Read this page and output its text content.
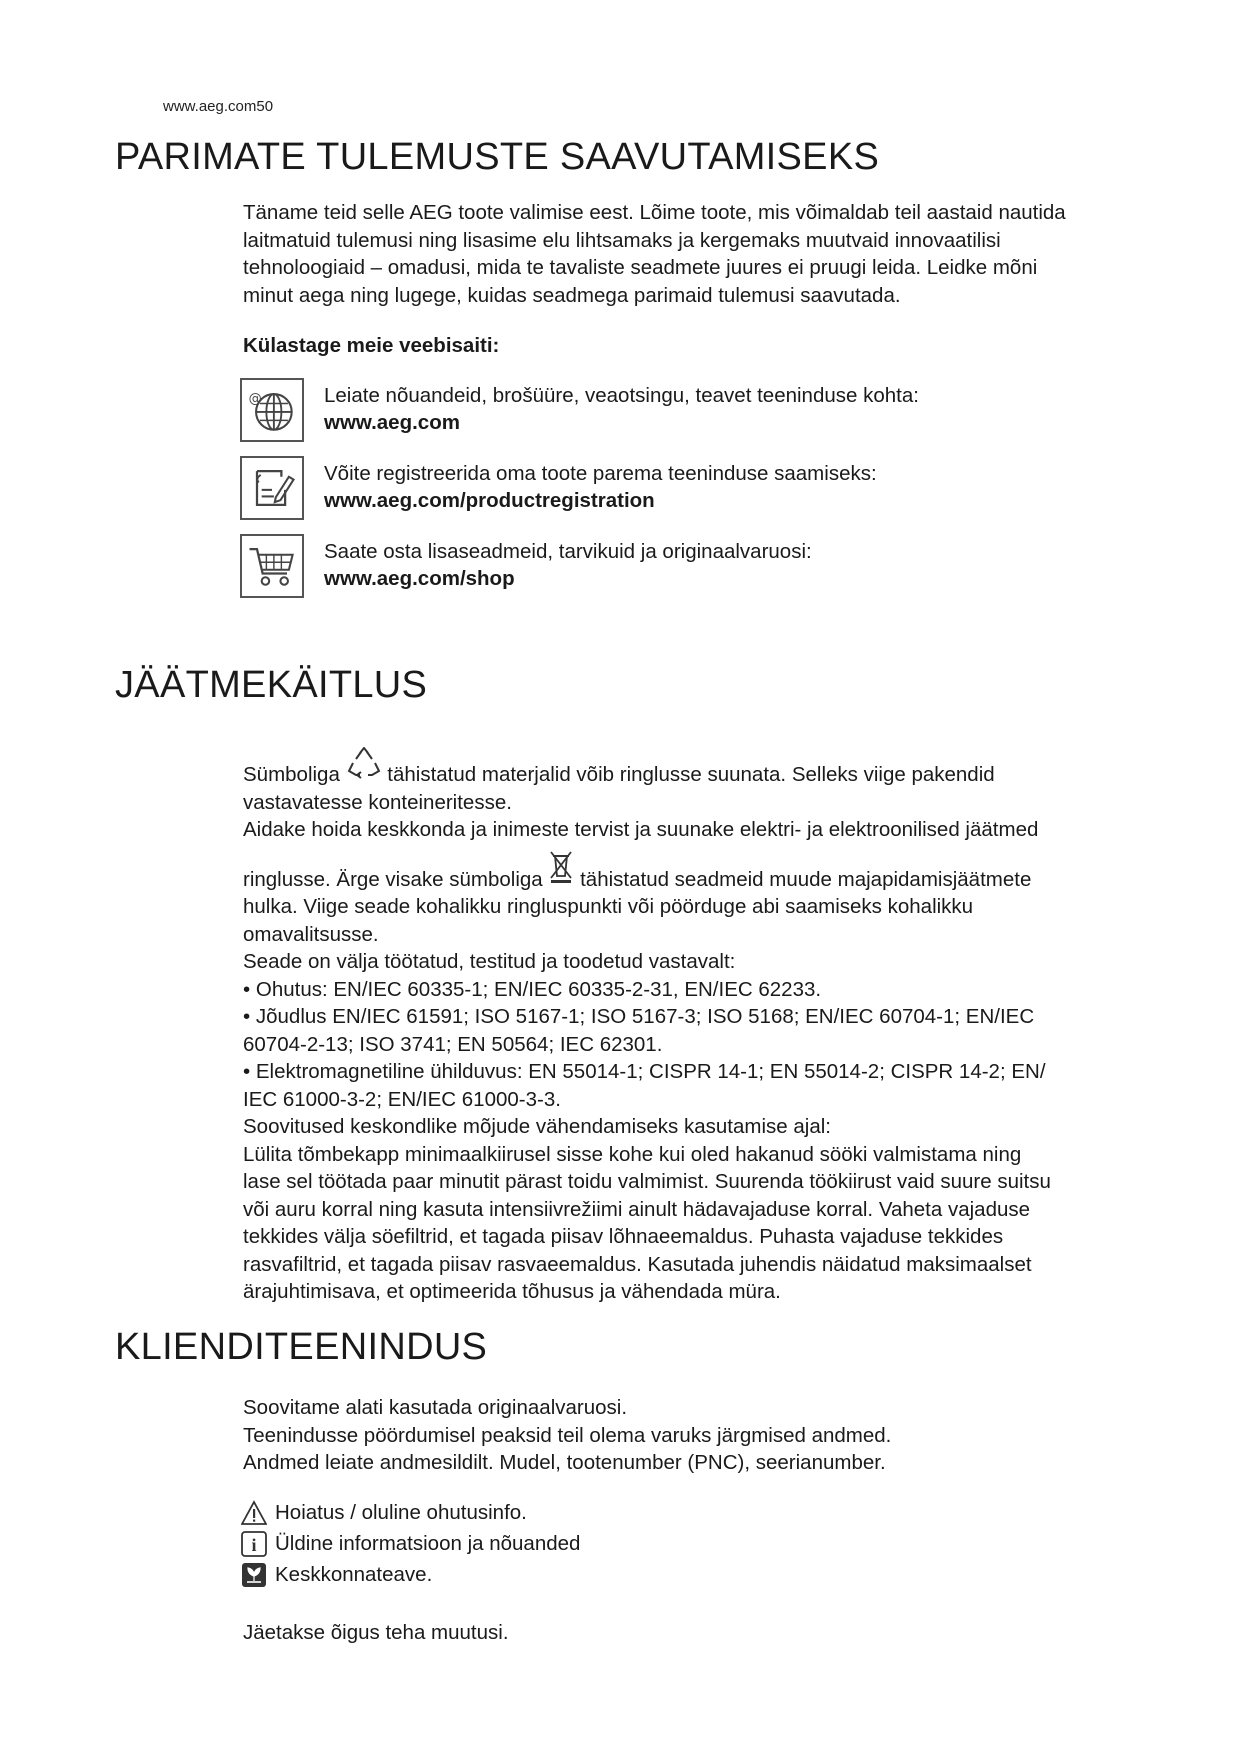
www.aeg.com50
PARIMATE TULEMUSTE SAAVUTAMISEKS
Täname teid selle AEG toote valimise eest. Lõime toote, mis võimaldab teil aastaid nautida
laitmatuid tulemusi ning lisasime elu lihtsamaks ja kergemaks muutvaid innovaatilisi
tehnoloogiaid – omadusi, mida te tavaliste seadmete juures ei pruugi leida. Leidke mõni
minut aega ning lugege, kuidas seadmega parimaid tulemusi saavutada.
Külastage meie veebisaiti:
@	Leiate nõuandeid, brošüüre, veaotsingu, teavet teeninduse kohta:
www.aeg.com
Võite registreerida oma toote parema teeninduse saamiseks:
www.aeg.com/productregistration
Saate osta lisaseadmeid, tarvikuid ja originaalvaruosi:
www.aeg.com/shop
JÄÄTMEKÄITLUS

Sümboliga tähistatud materjalid võib ringlusse suunata. Selleks viige pakendid

vastavatesse konteineritesse.

Aidake hoida keskkonda ja inimeste tervist ja suunake elektri- ja elektroonilised jäätmed

ringlusse. Ärge visake sümboliga tähistatud seadmeid muude majapidamisjäätmete

hulka. Viige seade kohalikku ringluspunkti või pöörduge abi saamiseks kohalikku

omavalitsusse.

Seade on välja töötatud, testitud ja toodetud vastavalt:

• Ohutus: EN/IEC 60335-1; EN/IEC 60335-2-31, EN/IEC 62233.

• Jõudlus EN/IEC 61591; ISO 5167-1; ISO 5167-3; ISO 5168; EN/IEC 60704-1; EN/IEC

60704-2-13; ISO 3741; EN 50564; IEC 62301.

• Elektromagnetiline ühilduvus: EN 55014-1; CISPR 14-1; EN 55014-2; CISPR 14-2; EN/

IEC 61000-3-2; EN/IEC 61000-3-3.

Soovitused keskondlike mõjude vähendamiseks kasutamise ajal:

Lülita tõmbekapp minimaalkiirusel sisse kohe kui oled hakanud sööki valmistama ning

lase sel töötada paar minutit pärast toidu valmimist. Suurenda töökiirust vaid suure suitsu

või auru korral ning kasuta intensiivrežiimi ainult hädavajaduse korral. Vaheta vajaduse

tekkides välja söefiltrid, et tagada piisav lõhnaeemaldus. Puhasta vajaduse tekkides

rasvafiltrid, et tagada piisav rasvaeemaldus. Kasutada juhendis näidatud maksimaalset

ärajuhtimisava, et optimeerida tõhusus ja vähendada müra.

KLIENDITEENINDUS
Soovitame alati kasutada originaalvaruosi.
Teenindusse pöördumisel peaksid teil olema varuks järgmised andmed.
Andmed leiate andmesildilt. Mudel, tootenumber (PNC), seerianumber.
Hoiatus / oluline ohutusinfo.
i Üldine informatsioon ja nõuanded
Keskkonnateave.
Jäetakse õigus teha muutusi.
